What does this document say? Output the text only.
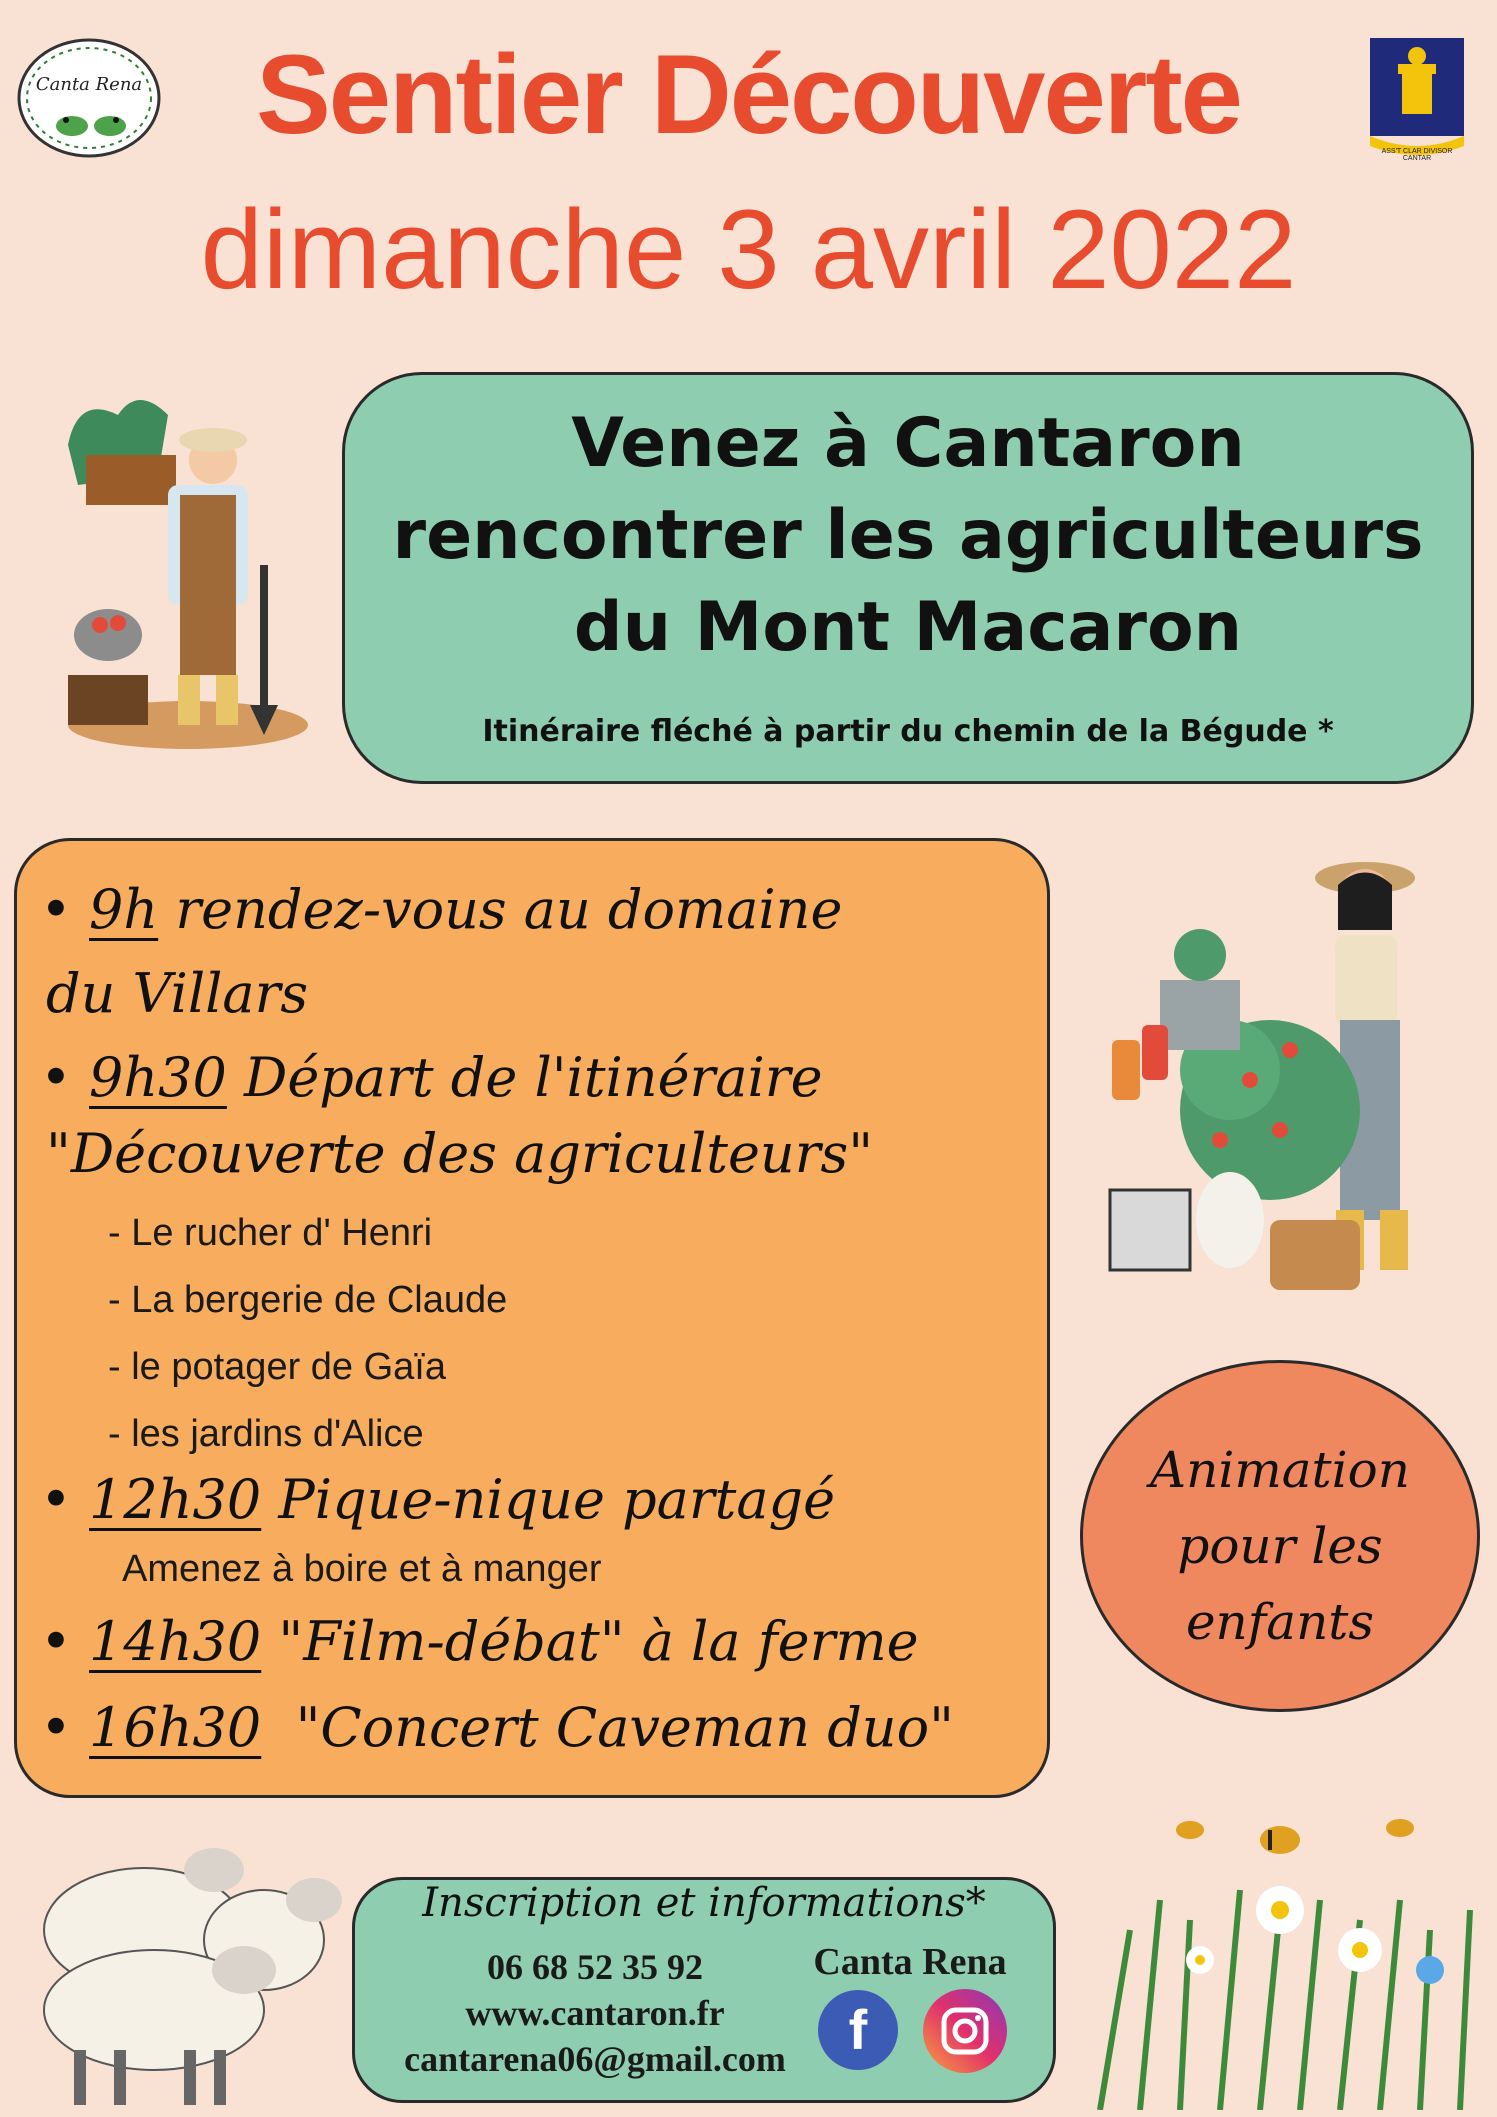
Sentier Découverte
dimanche 3 avril 2022
Canta Rena
ASS'T CLAR DIVISOR CANTAR
Venez à Cantaron
rencontrer les agriculteurs
du Mont Macaron
Itinéraire fléché à partir du chemin de la Bégude *
• 9h rendez-vous au domaine
du Villars
• 9h30 Départ de l'itinéraire
"Découverte des agriculteurs"
- Le rucher d' Henri
- La bergerie de Claude
- le potager de Gaïa
- les jardins d'Alice
• 12h30 Pique-nique partagé
Amenez à boire et à manger
• 14h30 "Film-débat" à la ferme
• 16h30  "Concert Caveman duo"
Animation
pour les
enfants
Inscription et informations*
06 68 52 35 92
www.cantaron.fr
cantarena06@gmail.com
Canta Rena
f
